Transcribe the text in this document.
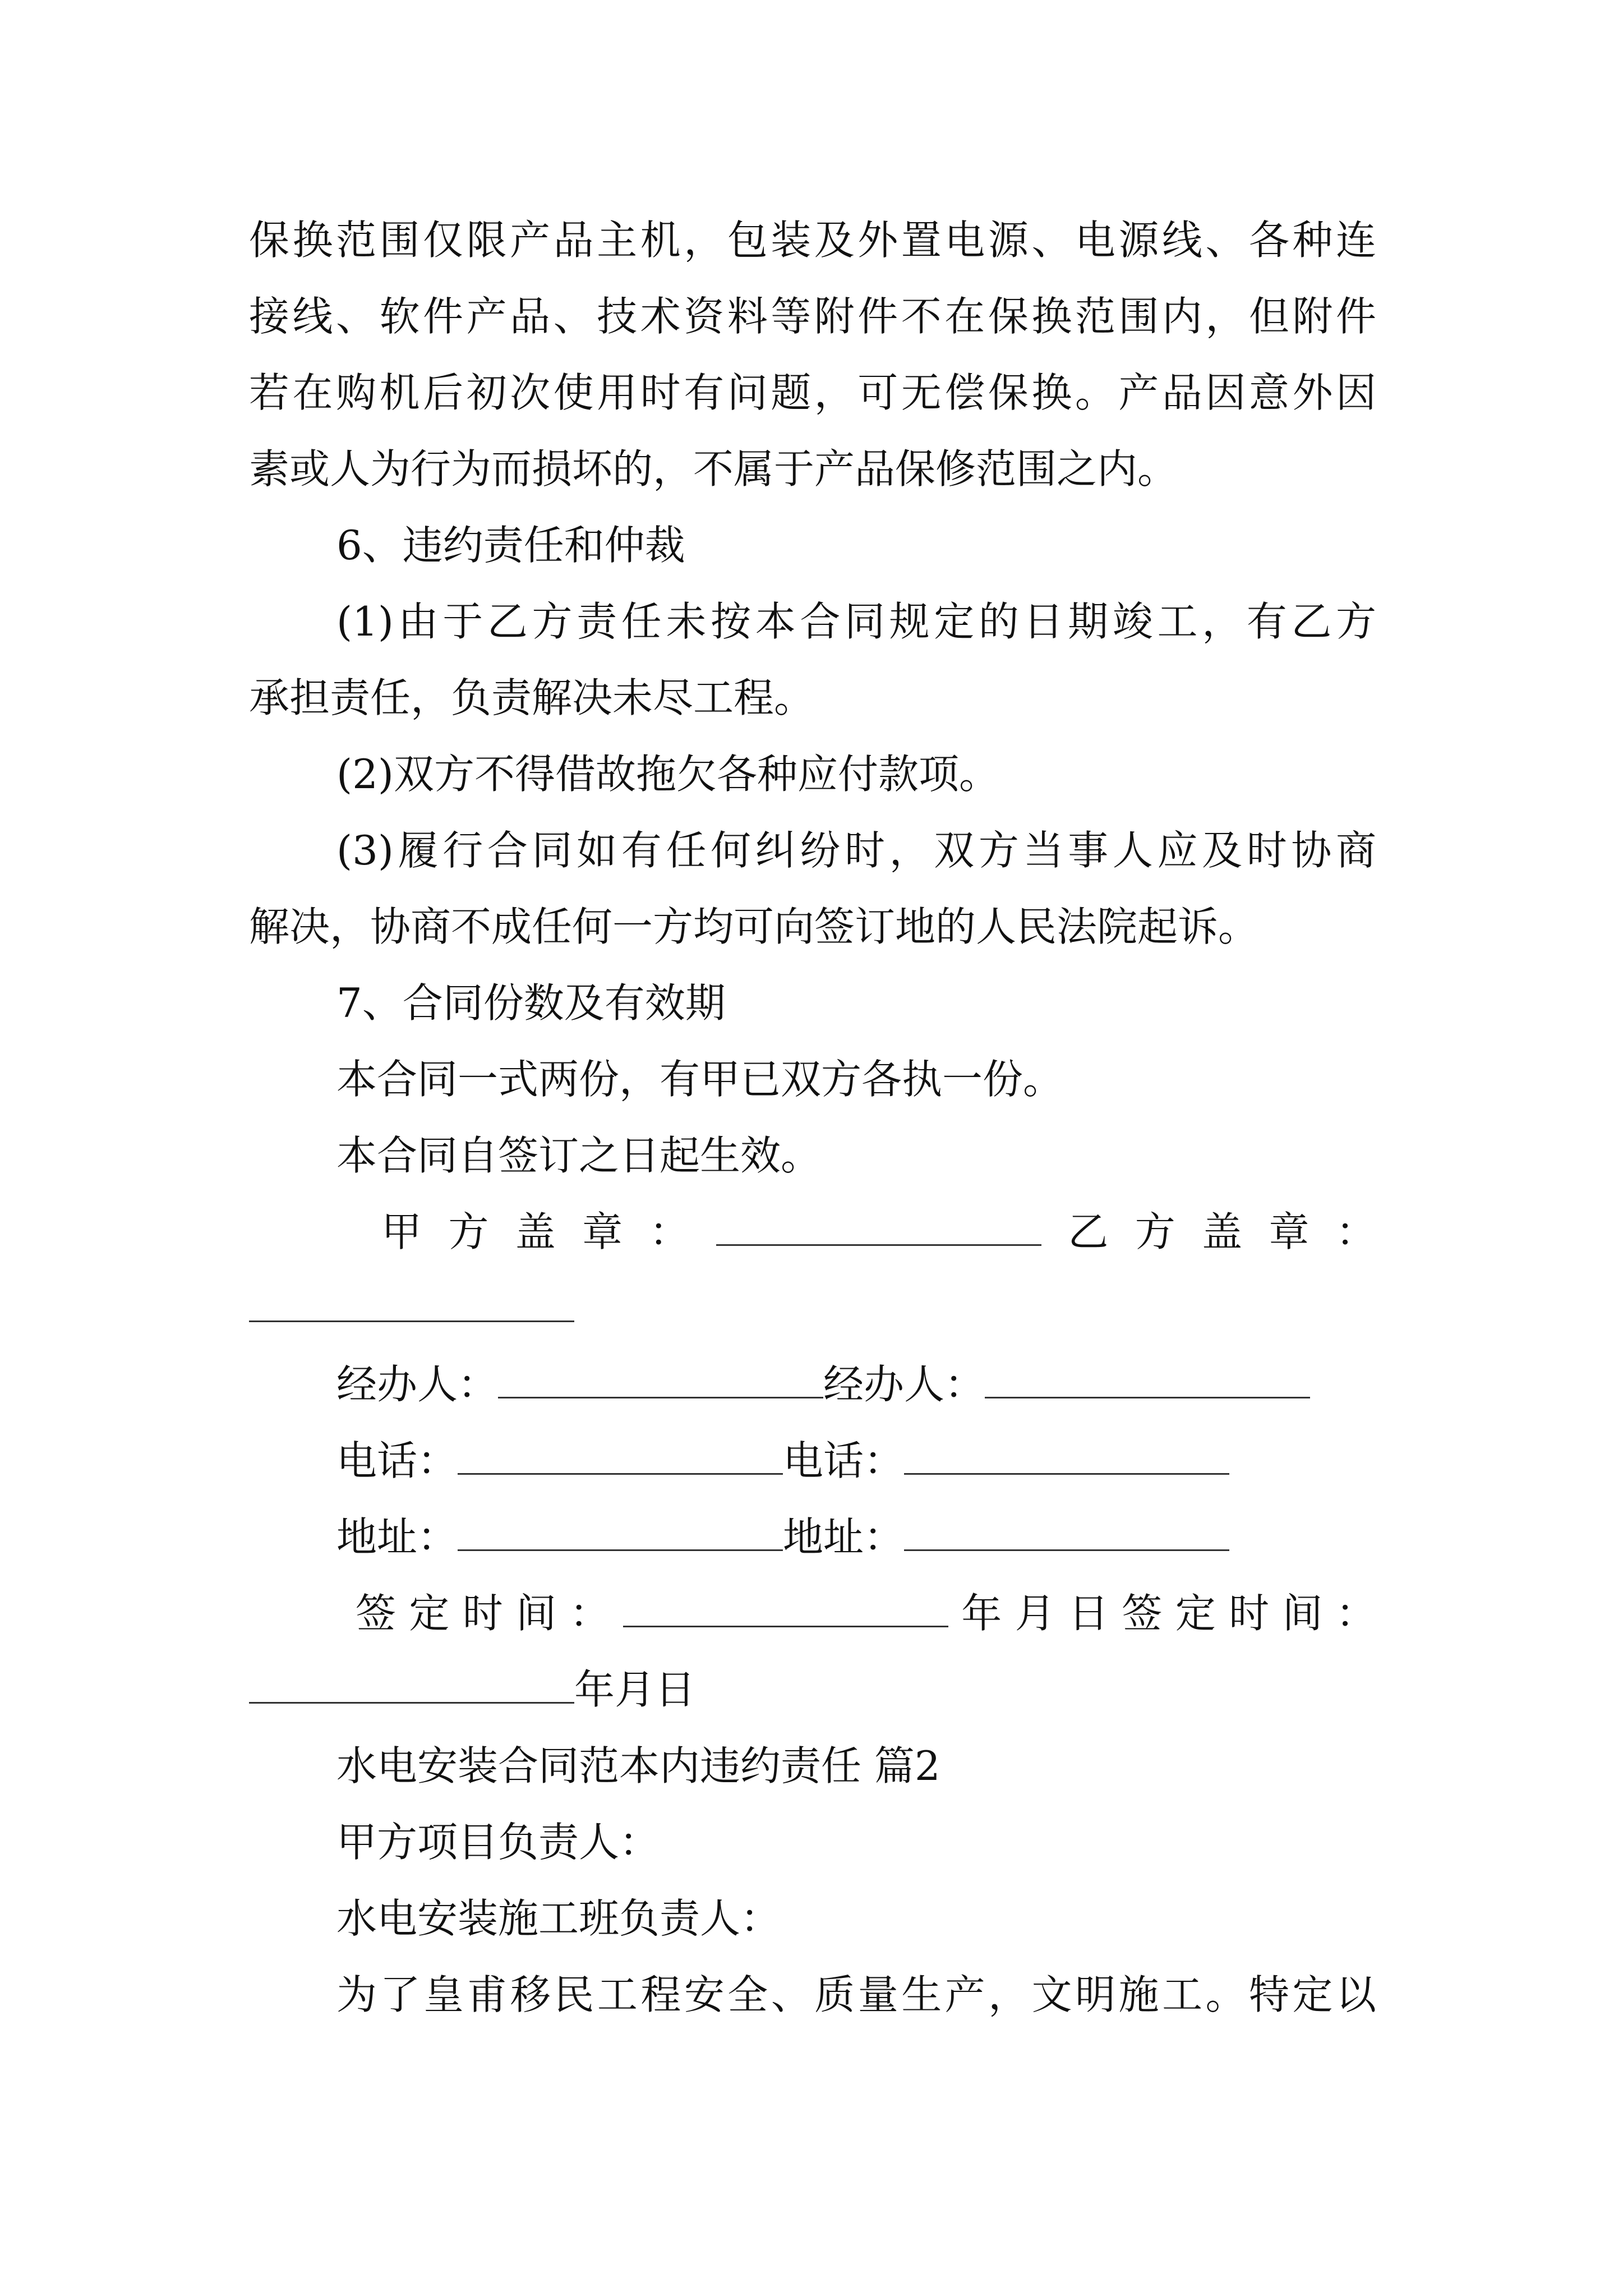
保换范围仅限产品主机，包装及外置电源、电源线、各种连
接线、软件产品、技术资料等附件不在保换范围内，但附件
若在购机后初次使用时有问题，可无偿保换。产品因意外因
素或人为行为而损坏的，不属于产品保修范围之内。
6、违约责任和仲裁
(1)由于乙方责任未按本合同规定的日期竣工，有乙方
承担责任，负责解决未尽工程。
(2)双方不得借故拖欠各种应付款项。
(3)履行合同如有任何纠纷时，双方当事人应及时协商
解决，协商不成任何一方均可向签订地的人民法院起诉。
7、合同份数及有效期
本合同一式两份，有甲已双方各执一份。
本合同自签订之日起生效。
甲 方 盖 章 ：	乙 方 盖 章 ：
经办人：	经办人：
电话：	电话：
地址：	地址：
签 定 时 间 ：	年 月 日 签 定 时 间 ：
年月日
水电安装合同范本内违约责任 篇2
甲方项目负责人：
水电安装施工班负责人：
为了皇甫移民工程安全、质量生产，文明施工。特定以
